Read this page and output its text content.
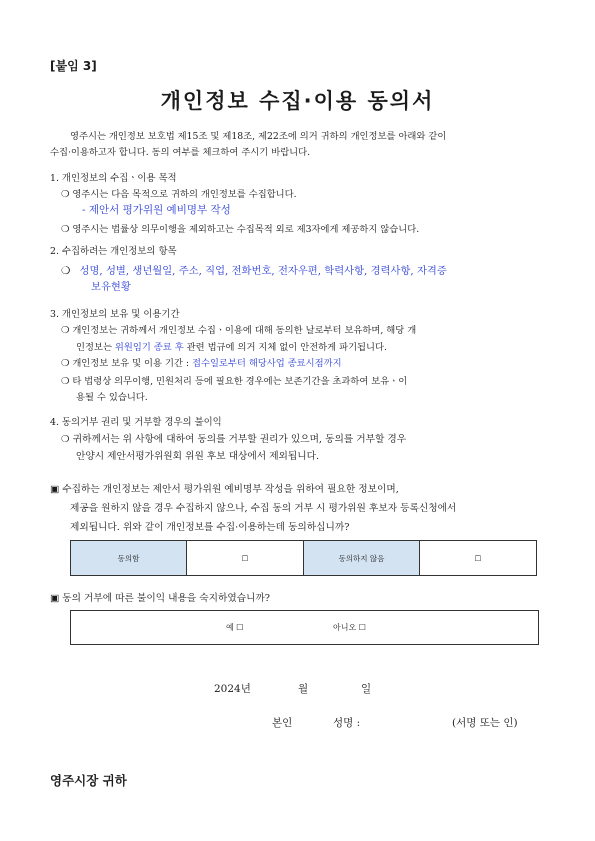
[붙임 3]
개인정보 수집·이용 동의서
영주시는 개인정보 보호법 제15조 및 제18조, 제22조에 의거 귀하의 개인정보를 아래와 같이
수집·이용하고자 합니다. 동의 여부를 체크하여 주시기 바랍니다.
1. 개인정보의 수집ㆍ이용 목적
❍ 영주시는 다음 목적으로 귀하의 개인정보를 수집합니다.
- 제안서 평가위원 예비명부 작성
❍ 영주시는 법률상 의무이행을 제외하고는 수집목적 외로 제3자에게 제공하지 않습니다.
2. 수집하려는 개인정보의 항목
❍ 성명, 성별, 생년월일, 주소, 직업, 전화번호, 전자우편, 학력사항, 경력사항, 자격증
보유현황
3. 개인정보의 보유 및 이용기간
❍ 개인정보는 귀하께서 개인정보 수집ㆍ이용에 대해 동의한 날로부터 보유하며, 해당 개
인정보는 위원임기 종료 후 관련 법규에 의거 지체 없이 안전하게 파기됩니다.
❍ 개인정보 보유 및 이용 기간 : 접수일로부터 해당사업 종료시점까지
❍ 타 법령상 의무이행, 민원처리 등에 필요한 경우에는 보존기간을 초과하여 보유ㆍ이
용될 수 있습니다.
4. 동의거부 권리 및 거부할 경우의 불이익
❍ 귀하께서는 위 사항에 대하여 동의를 거부할 권리가 있으며, 동의를 거부할 경우
안양시 제안서평가위원회 위원 후보 대상에서 제외됩니다.
▣ 수집하는 개인정보는 제안서 평가위원 예비명부 작성을 위하여 필요한 정보이며,
제공을 원하지 않을 경우 수집하지 않으나, 수집 동의 거부 시 평가위원 후보자 등록신청에서
제외됩니다. 위와 같이 개인정보를 수집·이용하는데 동의하십니까?
동의함	☐	동의하지 않음	☐
▣ 동의 거부에 따른 불이익 내용을 숙지하였습니까?
예 ☐	아니오 ☐
2024년	월	일
본인	성명 :	(서명 또는 인)
영주시장 귀하
